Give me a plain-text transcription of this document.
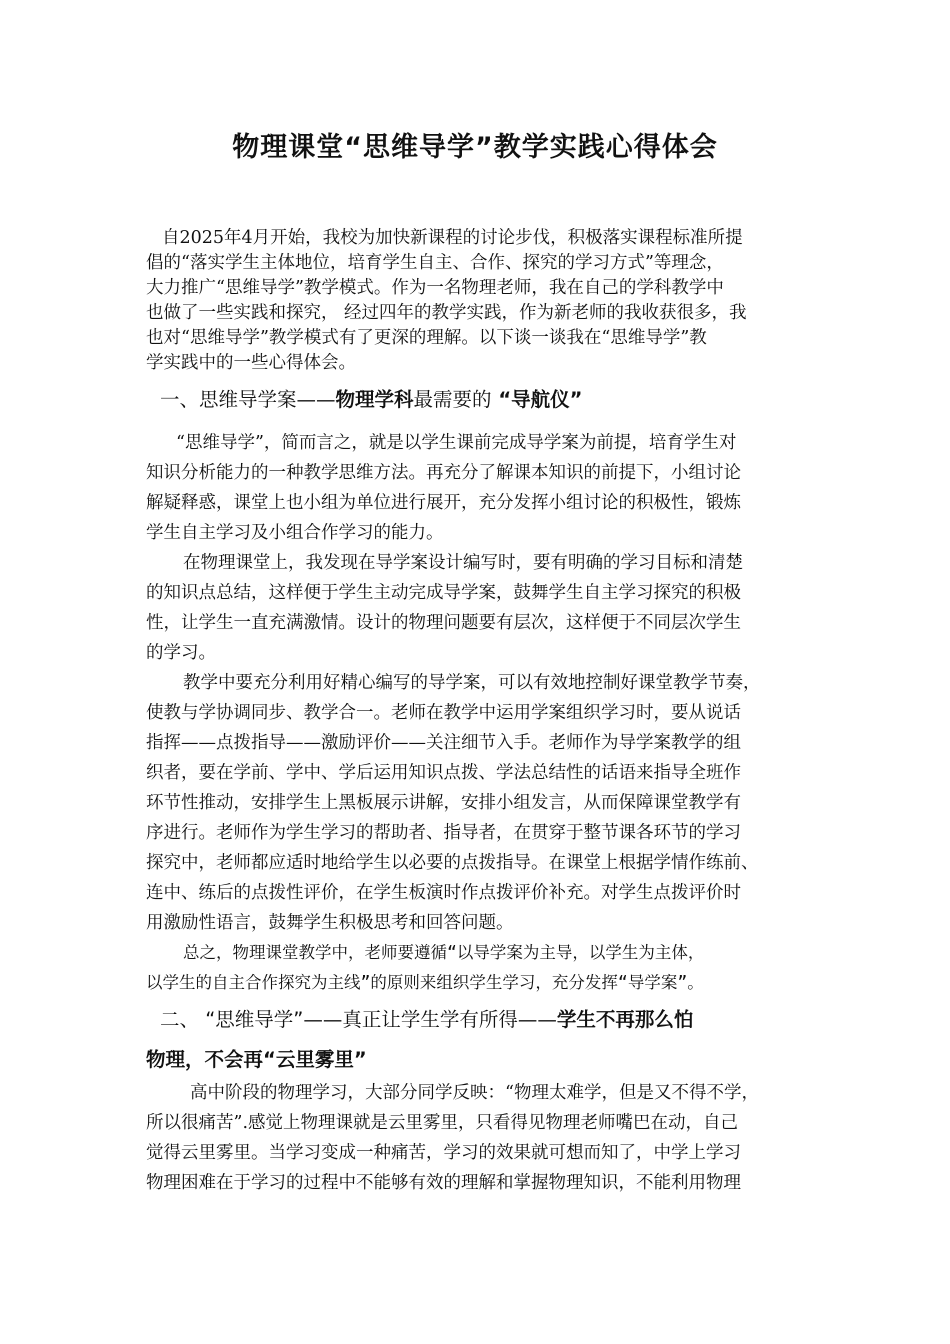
物理课堂“思维导学”教学实践心得体会
自2025年4月开始，我校为加快新课程的讨论步伐，积极落实课程标准所提
倡的“落实学生主体地位，培育学生自主、合作、探究的学习方式”等理念，
大力推广“思维导学”教学模式。作为一名物理老师，我在自己的学科教学中
也做了一些实践和探究， 经过四年的教学实践，作为新老师的我收获很多，我
也对“思维导学”教学模式有了更深的理解。以下谈一谈我在“思维导学”教
学实践中的一些心得体会。
一、思维导学案——物理学科最需要的 “导航仪”
“思维导学”，简而言之，就是以学生课前完成导学案为前提，培育学生对
知识分析能力的一种教学思维方法。再充分了解课本知识的前提下，小组讨论
解疑释惑，课堂上也小组为单位进行展开，充分发挥小组讨论的积极性，锻炼
学生自主学习及小组合作学习的能力。
在物理课堂上，我发现在导学案设计编写时，要有明确的学习目标和清楚
的知识点总结，这样便于学生主动完成导学案，鼓舞学生自主学习探究的积极
性，让学生一直充满激情。设计的物理问题要有层次，这样便于不同层次学生
的学习。
教学中要充分利用好精心编写的导学案，可以有效地控制好课堂教学节奏，
使教与学协调同步、教学合一。老师在教学中运用学案组织学习时，要从说话
指挥——点拨指导——激励评价——关注细节入手。老师作为导学案教学的组
织者，要在学前、学中、学后运用知识点拨、学法总结性的话语来指导全班作
环节性推动，安排学生上黑板展示讲解，安排小组发言，从而保障课堂教学有
序进行。老师作为学生学习的帮助者、指导者，在贯穿于整节课各环节的学习
探究中，老师都应适时地给学生以必要的点拨指导。在课堂上根据学情作练前、
连中、练后的点拨性评价，在学生板演时作点拨评价补充。对学生点拨评价时
用激励性语言，鼓舞学生积极思考和回答问题。
总之，物理课堂教学中，老师要遵循“以导学案为主导，以学生为主体，
以学生的自主合作探究为主线”的原则来组织学生学习，充分发挥“导学案”。
二、 “思维导学”——真正让学生学有所得——学生不再那么怕
物理，不会再“云里雾里”
高中阶段的物理学习，大部分同学反映：“物理太难学，但是又不得不学，
所以很痛苦”.感觉上物理课就是云里雾里，只看得见物理老师嘴巴在动，自己
觉得云里雾里。当学习变成一种痛苦，学习的效果就可想而知了，中学上学习
物理困难在于学习的过程中不能够有效的理解和掌握物理知识，不能利用物理
